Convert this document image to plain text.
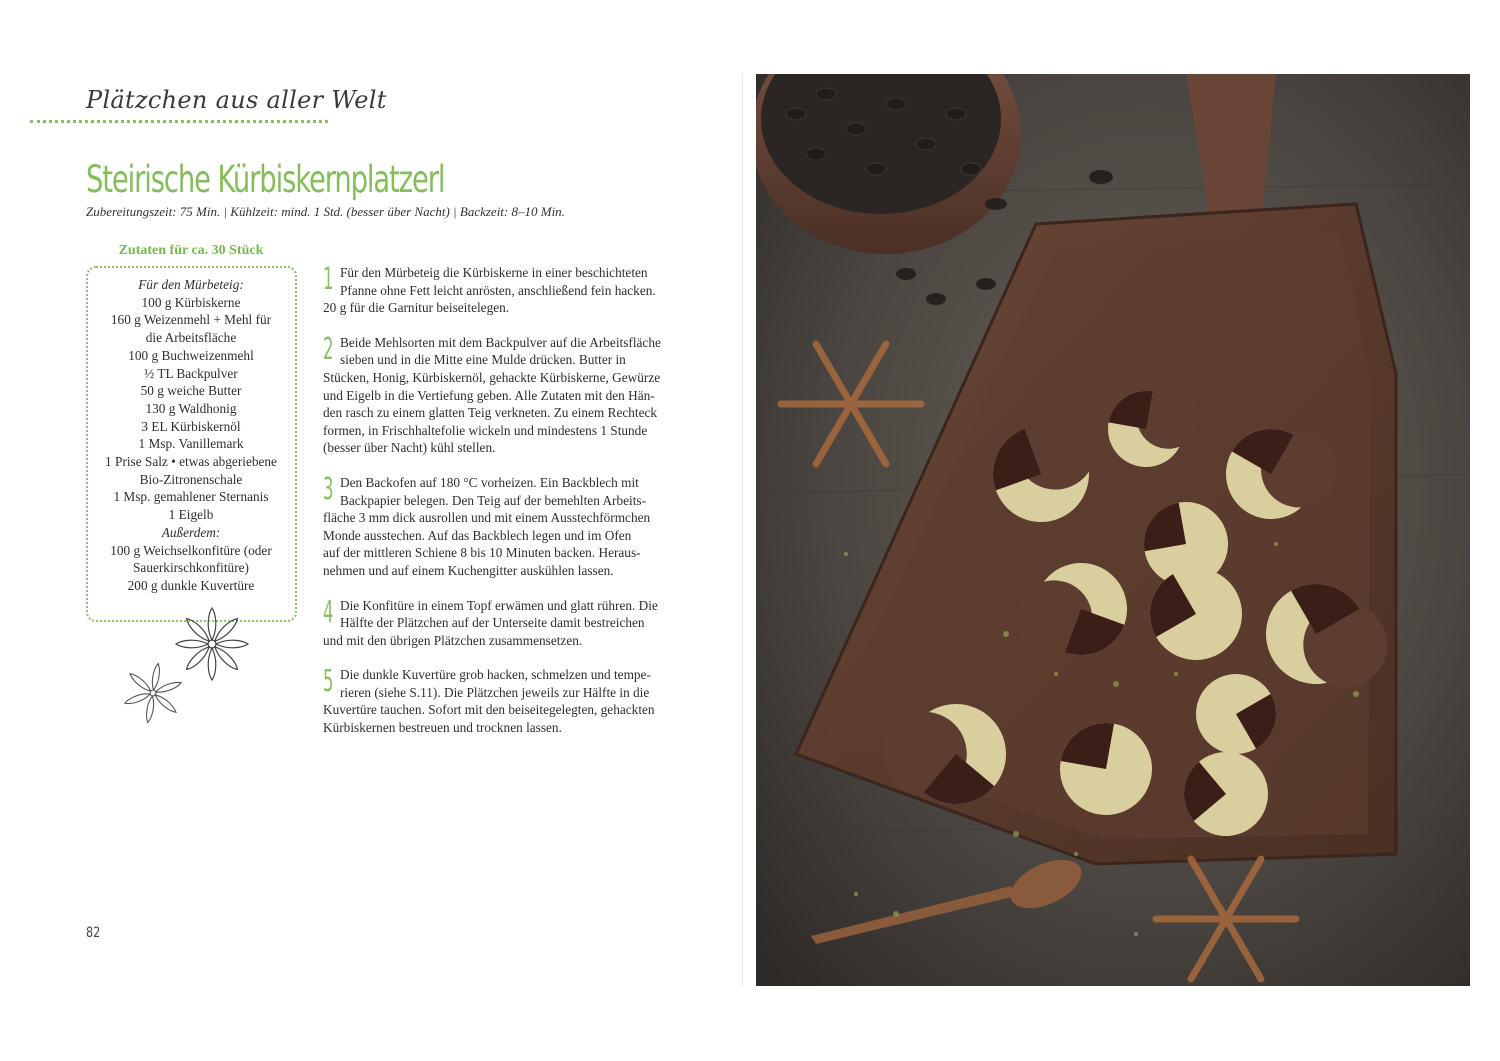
Plätzchen aus aller Welt
Steirische Kürbiskernplatzerl
Zubereitungszeit: 75 Min. | Kühlzeit: mind. 1 Std. (besser über Nacht) | Backzeit: 8–10 Min.
Zutaten für ca. 30 Stück
Für den Mürbeteig:
100 g Kürbiskerne
160 g Weizenmehl + Mehl für
die Arbeitsfläche
100 g Buchweizenmehl
½ TL Backpulver
50 g weiche Butter
130 g Waldhonig
3 EL Kürbiskernöl
1 Msp. Vanillemark
1 Prise Salz • etwas abgeriebene
Bio-Zitronenschale
1 Msp. gemahlener Sternanis
1 Eigelb
Außerdem:
100 g Weichselkonfitüre (oder
Sauerkirschkonfitüre)
200 g dunkle Kuvertüre
1 Für den Mürbeteig die Kürbiskerne in einer beschichteten
Pfanne ohne Fett leicht anrösten, anschließend fein hacken.
20 g für die Garnitur beiseitelegen.
2 Beide Mehlsorten mit dem Backpulver auf die Arbeitsfläche
sieben und in die Mitte eine Mulde drücken. Butter in
Stücken, Honig, Kürbiskernöl, gehackte Kürbiskerne, Gewürze
und Eigelb in die Vertiefung geben. Alle Zutaten mit den Hän-
den rasch zu einem glatten Teig verkneten. Zu einem Rechteck
formen, in Frischhaltefolie wickeln und mindestens 1 Stunde
(besser über Nacht) kühl stellen.
3 Den Backofen auf 180 °C vorheizen. Ein Backblech mit
Backpapier belegen. Den Teig auf der bemehlten Arbeits-
fläche 3 mm dick ausrollen und mit einem Ausstechförmchen
Monde ausstechen. Auf das Backblech legen und im Ofen
auf der mittleren Schiene 8 bis 10 Minuten backen. Heraus-
nehmen und auf einem Kuchengitter auskühlen lassen.
4 Die Konfitüre in einem Topf erwämen und glatt rühren. Die
Hälfte der Plätzchen auf der Unterseite damit bestreichen
und mit den übrigen Plätzchen zusammensetzen.
5 Die dunkle Kuvertüre grob hacken, schmelzen und tempe-
rieren (siehe S.11). Die Plätzchen jeweils zur Hälfte in die
Kuvertüre tauchen. Sofort mit den beiseitegelegten, gehackten
Kürbiskernen bestreuen und trocknen lassen.
82
